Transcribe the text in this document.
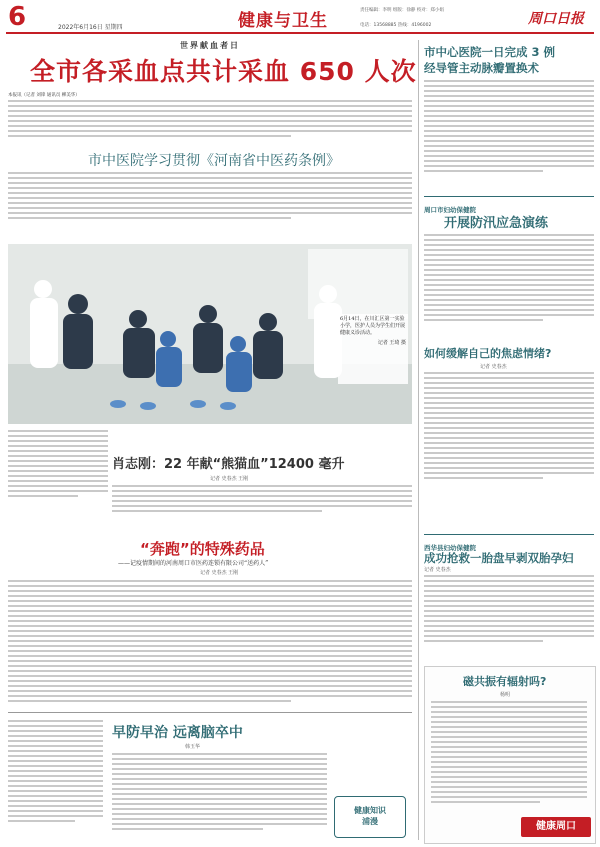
6	2022年6月16日 星期四	健康与卫生
责任编辑：李明 组版：徐静 校对：郑小娟
电话：13568885 热线：4196002	周口日报
世界献血者日
全市各采血点共计采血 650 人次
本报讯（记者 刘锋 通讯员 柳美华）
市中医院学习贯彻《河南省中医药条例》
6月14日，在川汇区第一实验小学，医护人员为学生们开展健康义诊活动。
记者 王琦 摄
肖志刚：22 年献“熊猫血”12400 毫升
记者 史春杰 王刚
“奔跑”的特殊药品
——记疫情期间的河南周口市医药连锁有限公司“送药人”
记者 史春杰 王刚
早防早治 远离脑卒中
韩玉华
健康知识
浦漫
市中心医院一日完成 3 例
经导管主动脉瓣置换术
周口市妇幼保健院
开展防汛应急演练
如何缓解自己的焦虑情绪?
记者 史春杰
西华县妇幼保健院
成功抢救一胎盘早剥双胎孕妇
记者 史春杰
磁共振有辐射吗?
杨明
健康周口
